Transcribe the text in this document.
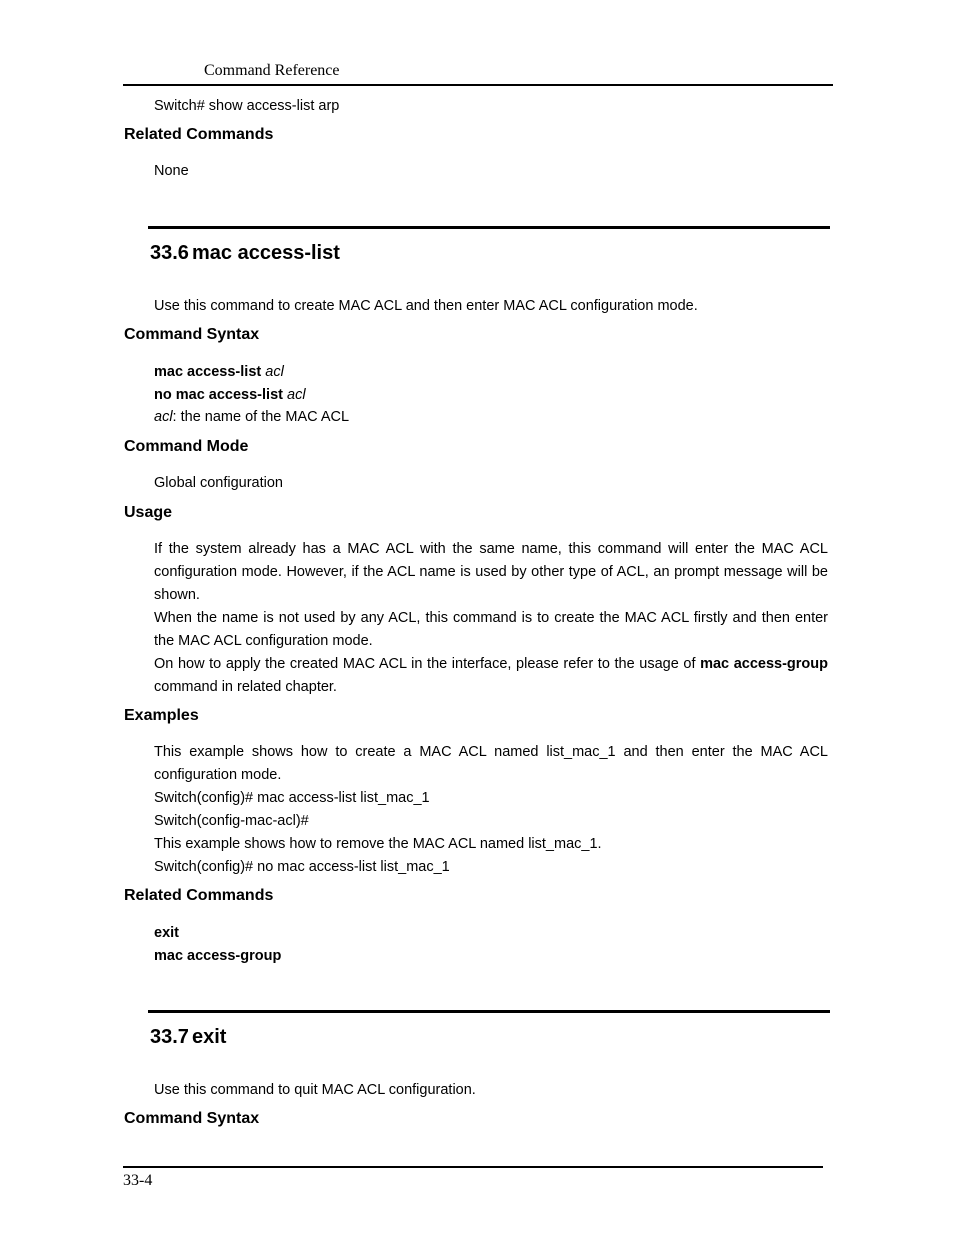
Command Reference
Switch# show access-list arp
Related Commands
None
33.6 mac access-list
Use this command to create MAC ACL and then enter MAC ACL configuration mode.
Command Syntax
mac access-list acl
no mac access-list acl
acl: the name of the MAC ACL
Command Mode
Global configuration
Usage
If the system already has a MAC ACL with the same name, this command will enter the MAC ACL configuration mode. However, if the ACL name is used by other type of ACL, an prompt message will be shown.
When the name is not used by any ACL, this command is to create the MAC ACL firstly and then enter the MAC ACL configuration mode.
On how to apply the created MAC ACL in the interface, please refer to the usage of mac access-group command in related chapter.
Examples
This example shows how to create a MAC ACL named list_mac_1 and then enter the MAC ACL configuration mode.
Switch(config)# mac access-list list_mac_1
Switch(config-mac-acl)#
This example shows how to remove the MAC ACL named list_mac_1.
Switch(config)# no mac access-list list_mac_1
Related Commands
exit
mac access-group
33.7 exit
Use this command to quit MAC ACL configuration.
Command Syntax
33-4
